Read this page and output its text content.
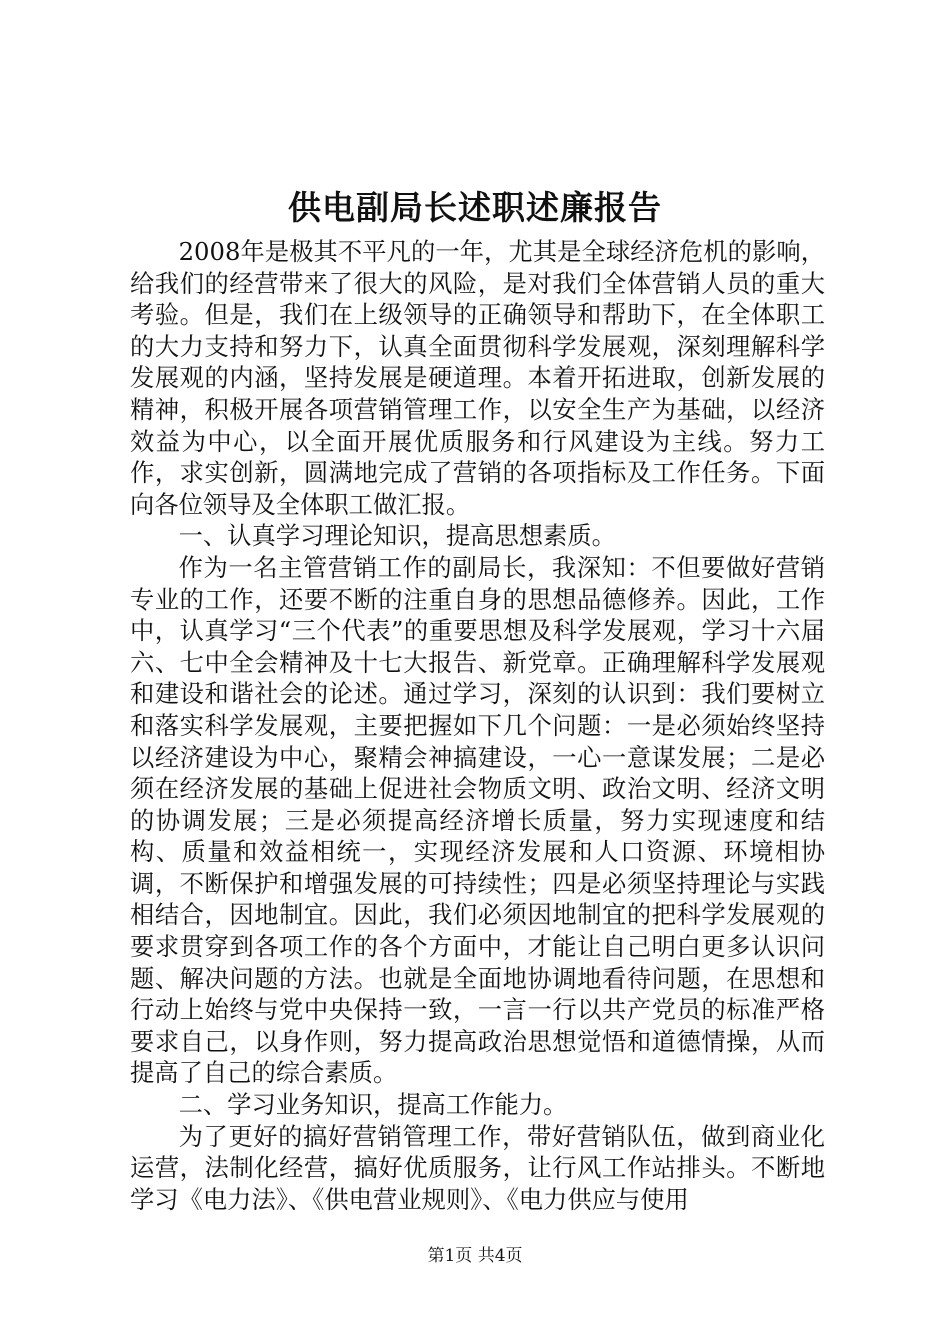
供电副局长述职述廉报告

2008年是极其不平凡的一年，尤其是全球经济危机的影响，给我们的经营带来了很大的风险，是对我们全体营销人员的重大考验。但是，我们在上级领导的正确领导和帮助下，在全体职工的大力支持和努力下，认真全面贯彻科学发展观，深刻理解科学发展观的内涵，坚持发展是硬道理。本着开拓进取，创新发展的精神，积极开展各项营销管理工作，以安全生产为基础，以经济效益为中心，以全面开展优质服务和行风建设为主线。努力工作，求实创新，圆满地完成了营销的各项指标及工作任务。下面向各位领导及全体职工做汇报。

一、认真学习理论知识，提高思想素质。

作为一名主管营销工作的副局长，我深知：不但要做好营销专业的工作，还要不断的注重自身的思想品德修养。因此，工作中，认真学习“三个代表”的重要思想及科学发展观，学习十六届六、七中全会精神及十七大报告、新党章。正确理解科学发展观和建设和谐社会的论述。通过学习，深刻的认识到：我们要树立和落实科学发展观，主要把握如下几个问题：一是必须始终坚持以经济建设为中心，聚精会神搞建设，一心一意谋发展；二是必须在经济发展的基础上促进社会物质文明、政治文明、经济文明的协调发展；三是必须提高经济增长质量，努力实现速度和结构、质量和效益相统一，实现经济发展和人口资源、环境相协调，不断保护和增强发展的可持续性；四是必须坚持理论与实践相结合，因地制宜。因此，我们必须因地制宜的把科学发展观的要求贯穿到各项工作的各个方面中，才能让自己明白更多认识问题、解决问题的方法。也就是全面地协调地看待问题，在思想和行动上始终与党中央保持一致，一言一行以共产党员的标准严格要求自己，以身作则，努力提高政治思想觉悟和道德情操，从而提高了自己的综合素质。

二、学习业务知识，提高工作能力。

为了更好的搞好营销管理工作，带好营销队伍，做到商业化运营，法制化经营，搞好优质服务，让行风工作站排头。不断地学习《电力法》、《供电营业规则》、《电力供应与使用

第1页 共4页
